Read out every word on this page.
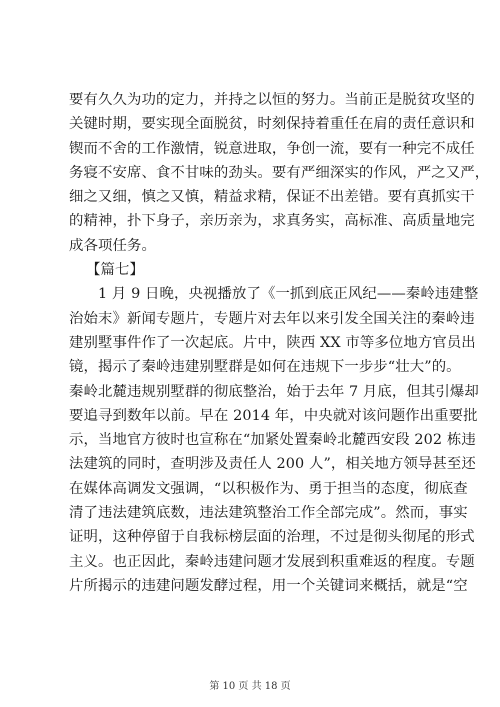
要有久久为功的定力，并持之以恒的努力。当前正是脱贫攻坚的
关键时期，要实现全面脱贫，时刻保持着重任在肩的责任意识和
锲而不舍的工作激情，锐意进取，争创一流，要有一种完不成任
务寝不安席、食不甘味的劲头。要有严细深实的作风，严之又严，
细之又细，慎之又慎，精益求精，保证不出差错。要有真抓实干
的精神，扑下身子，亲历亲为，求真务实，高标准、高质量地完
成各项任务。
【篇七】
1 月 9 日晚，央视播放了《一抓到底正风纪——秦岭违建整
治始末》新闻专题片，专题片对去年以来引发全国关注的秦岭违
建别墅事件作了一次起底。片中，陕西 XX 市等多位地方官员出
镜，揭示了秦岭违建别墅群是如何在违规下一步步“壮大”的。
秦岭北麓违规别墅群的彻底整治，始于去年 7 月底，但其引爆却
要追寻到数年以前。早在 2014 年，中央就对该问题作出重要批
示，当地官方彼时也宣称在“加紧处置秦岭北麓西安段 202 栋违
法建筑的同时，查明涉及责任人 200 人”，相关地方领导甚至还
在媒体高调发文强调，“以积极作为、勇于担当的态度，彻底查
清了违法建筑底数，违法建筑整治工作全部完成”。然而，事实
证明，这种停留于自我标榜层面的治理，不过是彻头彻尾的形式
主义。也正因此，秦岭违建问题才发展到积重难返的程度。专题
片所揭示的违建问题发酵过程，用一个关键词来概括，就是“空
第 10 页 共 18 页
